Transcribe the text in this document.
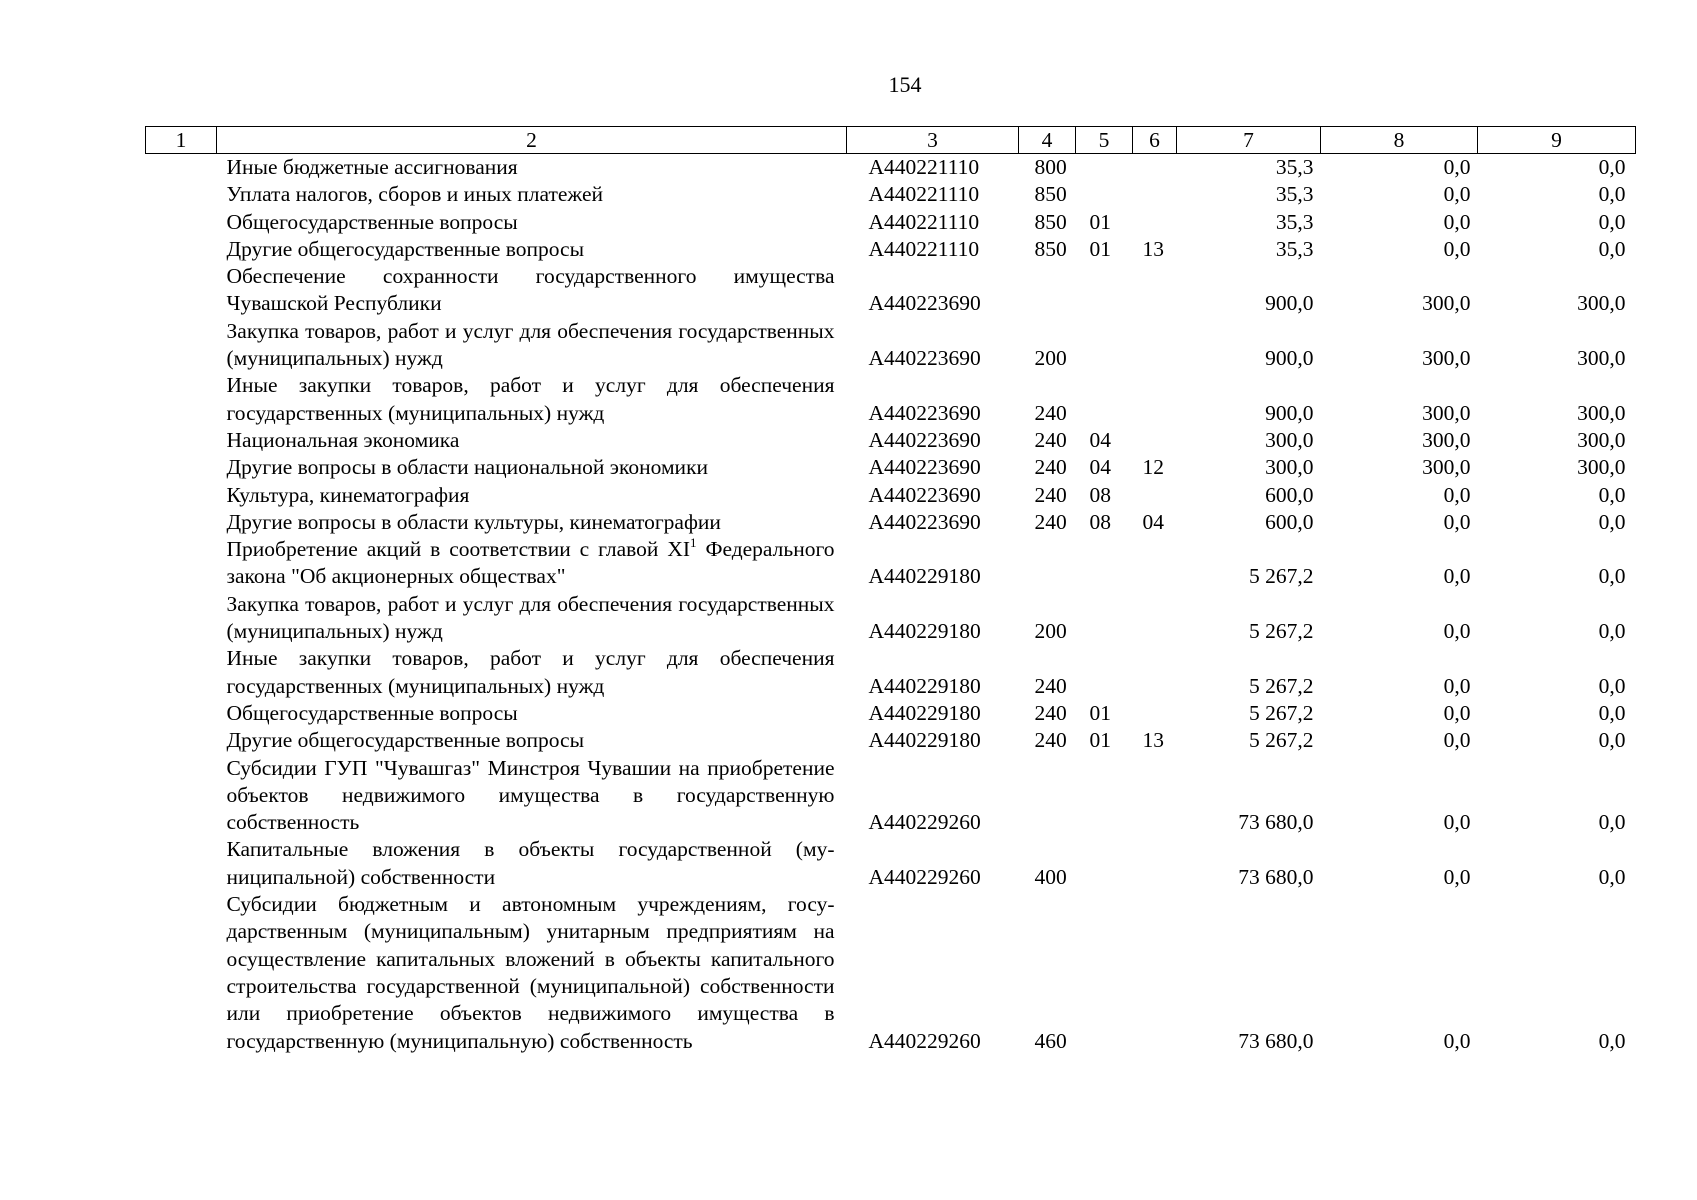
154
1	2	3	4	5	6	7	8	9
	Иные бюджетные ассигнования	А440221110	800			35,3	0,0	0,0
	Уплата налогов, сборов и иных платежей	А440221110	850			35,3	0,0	0,0
	Общегосударственные вопросы	А440221110	850	01		35,3	0,0	0,0
	Другие общегосударственные вопросы	А440221110	850	01	13	35,3	0,0	0,0
	Обеспечение сохранности государственного имущества Чувашской Республики	А440223690				900,0	300,0	300,0
	Закупка товаров, работ и услуг для обеспечения государственных (муниципальных) нужд	А440223690	200			900,0	300,0	300,0
	Иные закупки товаров, работ и услуг для обеспечения государственных (муниципальных) нужд	А440223690	240			900,0	300,0	300,0
	Национальная экономика	А440223690	240	04		300,0	300,0	300,0
	Другие вопросы в области национальной экономики	А440223690	240	04	12	300,0	300,0	300,0
	Культура, кинематография	А440223690	240	08		600,0	0,0	0,0
	Другие вопросы в области культуры, кинематографии	А440223690	240	08	04	600,0	0,0	0,0
	Приобретение акций в соответствии с главой $XI^1$ Федерального закона "Об акционерных обществах"	А440229180				5 267,2	0,0	0,0
	Закупка товаров, работ и услуг для обеспечения государственных (муниципальных) нужд	А440229180	200			5 267,2	0,0	0,0
	Иные закупки товаров, работ и услуг для обеспечения государственных (муниципальных) нужд	А440229180	240			5 267,2	0,0	0,0
	Общегосударственные вопросы	А440229180	240	01		5 267,2	0,0	0,0
	Другие общегосударственные вопросы	А440229180	240	01	13	5 267,2	0,0	0,0
	Субсидии ГУП "Чувашгаз" Минстроя Чувашии на приобретение объектов недвижимого имущества в государственную собственность	А440229260				73 680,0	0,0	0,0
	Капитальные вложения в объекты государственной (муниципальной) собственности	А440229260	400			73 680,0	0,0	0,0
	Субсидии бюджетным и автономным учреждениям, государственным (муниципальным) унитарным предприятиям на осуществление капитальных вложений в объекты капитального строительства государственной (муниципальной) собственности или приобретение объектов недвижимого имущества в государственную (муниципальную) собственность	А440229260	460			73 680,0	0,0	0,0
